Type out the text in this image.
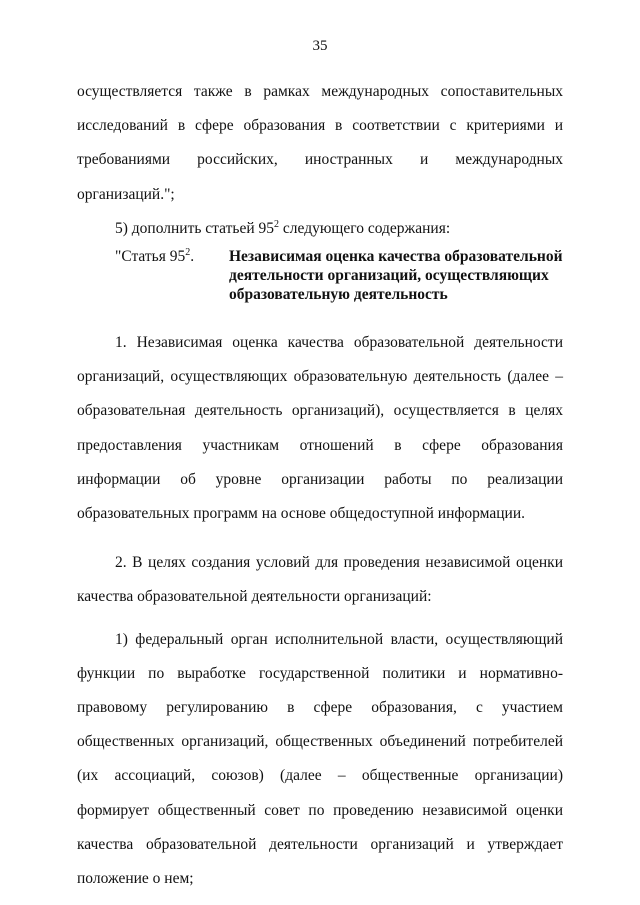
35

осуществляется также в рамках международных сопоставительных исследований в сфере образования в соответствии с критериями и требованиями российских, иностранных и международных организаций.";

5) дополнить статьей $95^2$ следующего содержания:

"Статья $95^2$.	Независимая оценка качества образовательной деятельности организаций, осуществляющих образовательную деятельность

1. Независимая оценка качества образовательной деятельности организаций, осуществляющих образовательную деятельность (далее – образовательная деятельность организаций), осуществляется в целях предоставления участникам отношений в сфере образования информации об уровне организации работы по реализации образовательных программ на основе общедоступной информации.

2. В целях создания условий для проведения независимой оценки качества образовательной деятельности организаций:

1) федеральный орган исполнительной власти, осуществляющий функции по выработке государственной политики и нормативно-правовому регулированию в сфере образования, с участием общественных организаций, общественных объединений потребителей (их ассоциаций, союзов) (далее – общественные организации) формирует общественный совет по проведению независимой оценки качества образовательной деятельности организаций и утверждает положение о нем;
